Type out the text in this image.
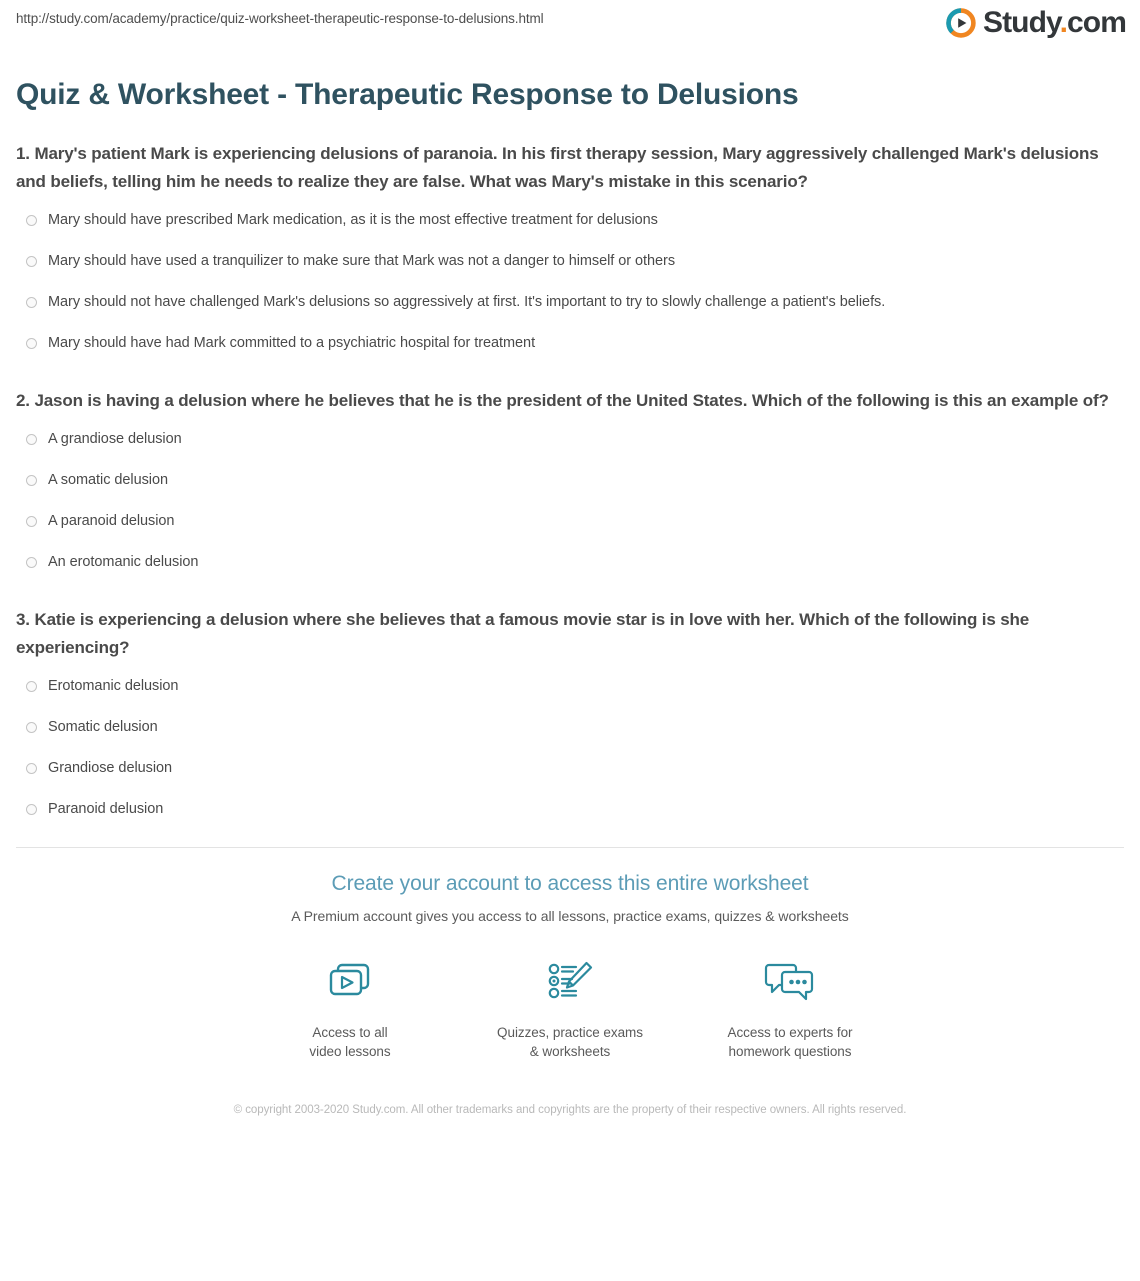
http://study.com/academy/practice/quiz-worksheet-therapeutic-response-to-delusions.html	Study.com
Quiz & Worksheet - Therapeutic Response to Delusions

1. Mary's patient Mark is experiencing delusions of paranoia. In his first therapy session, Mary aggressively challenged Mark's delusions and beliefs, telling him he needs to realize they are false. What was Mary's mistake in this scenario?

Mary should have prescribed Mark medication, as it is the most effective treatment for delusions
Mary should have used a tranquilizer to make sure that Mark was not a danger to himself or others
Mary should not have challenged Mark's delusions so aggressively at first. It's important to try to slowly challenge a patient's beliefs.
Mary should have had Mark committed to a psychiatric hospital for treatment

2. Jason is having a delusion where he believes that he is the president of the United States. Which of the following is this an example of?

A grandiose delusion
A somatic delusion
A paranoid delusion
An erotomanic delusion

3. Katie is experiencing a delusion where she believes that a famous movie star is in love with her. Which of the following is she experiencing?

Erotomanic delusion
Somatic delusion
Grandiose delusion
Paranoid delusion
Create your account to access this entire worksheet
A Premium account gives you access to all lessons, practice exams, quizzes & worksheets
Access to all
video lessons
Quizzes, practice exams
& worksheets
Access to experts for
homework questions
© copyright 2003-2020 Study.com. All other trademarks and copyrights are the property of their respective owners. All rights reserved.
